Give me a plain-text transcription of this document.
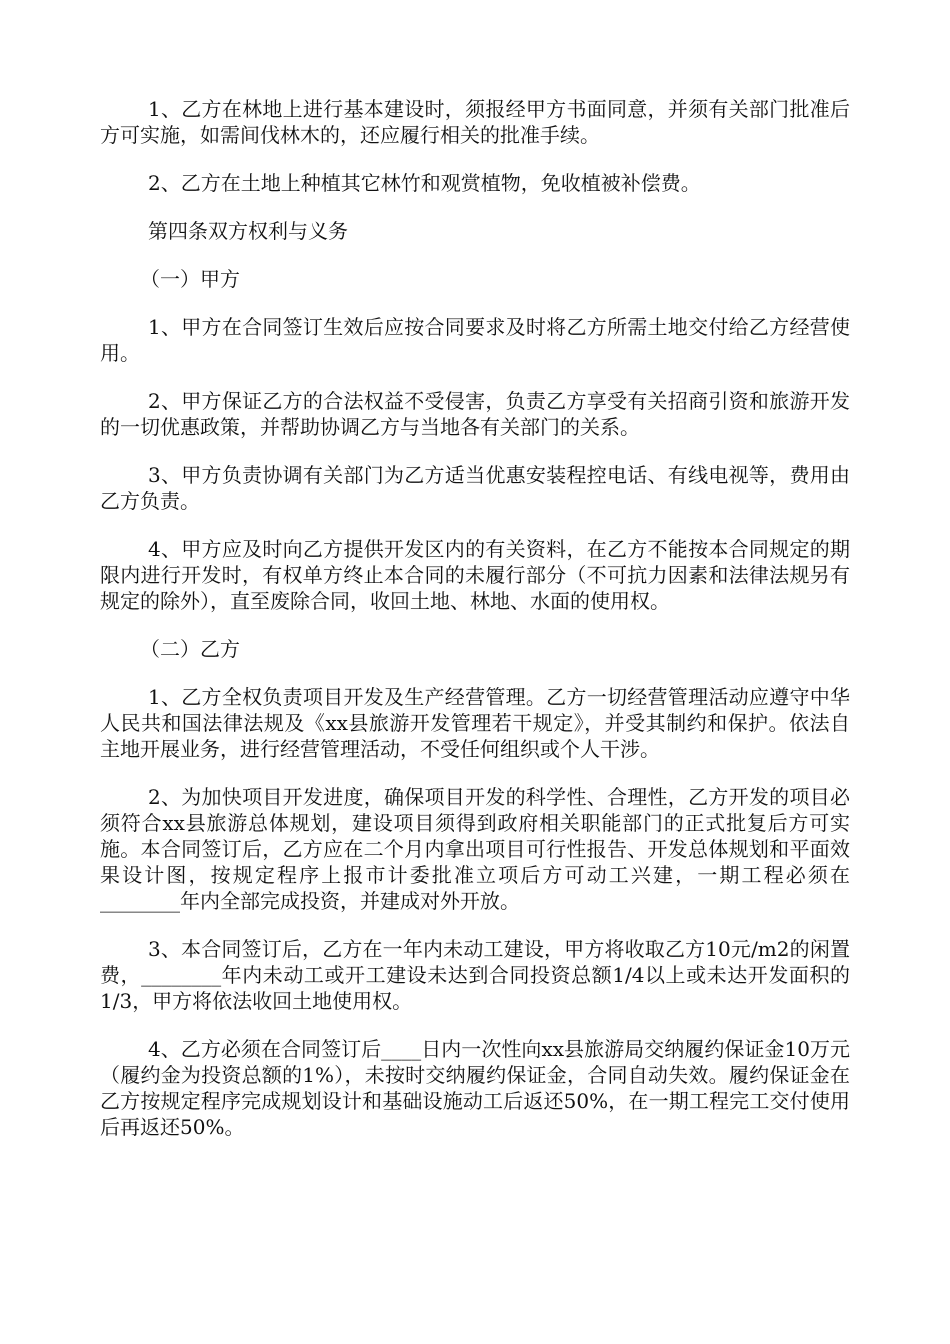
1、乙方在林地上进行基本建设时，须报经甲方书面同意，并须有关部门批准后方可实施，如需间伐林木的，还应履行相关的批准手续。

2、乙方在土地上种植其它林竹和观赏植物，免收植被补偿费。

第四条双方权利与义务

（一）甲方

1、甲方在合同签订生效后应按合同要求及时将乙方所需土地交付给乙方经营使用。

2、甲方保证乙方的合法权益不受侵害，负责乙方享受有关招商引资和旅游开发的一切优惠政策，并帮助协调乙方与当地各有关部门的关系。

3、甲方负责协调有关部门为乙方适当优惠安装程控电话、有线电视等，费用由乙方负责。

4、甲方应及时向乙方提供开发区内的有关资料，在乙方不能按本合同规定的期限内进行开发时，有权单方终止本合同的未履行部分（不可抗力因素和法律法规另有规定的除外），直至废除合同，收回土地、林地、水面的使用权。

（二）乙方

1、乙方全权负责项目开发及生产经营管理。乙方一切经营管理活动应遵守中华人民共和国法律法规及《xx县旅游开发管理若干规定》，并受其制约和保护。依法自主地开展业务，进行经营管理活动，不受任何组织或个人干涉。

2、为加快项目开发进度，确保项目开发的科学性、合理性，乙方开发的项目必须符合xx县旅游总体规划，建设项目须得到政府相关职能部门的正式批复后方可实施。本合同签订后，乙方应在二个月内拿出项目可行性报告、开发总体规划和平面效果设计图，按规定程序上报市计委批准立项后方可动工兴建，一期工程必须在________年内全部完成投资，并建成对外开放。

3、本合同签订后，乙方在一年内未动工建设，甲方将收取乙方10元/m2的闲置费，________年内未动工或开工建设未达到合同投资总额1/4以上或未达开发面积的1/3，甲方将依法收回土地使用权。

4、乙方必须在合同签订后____日内一次性向xx县旅游局交纳履约保证金10万元（履约金为投资总额的1%），未按时交纳履约保证金，合同自动失效。履约保证金在乙方按规定程序完成规划设计和基础设施动工后返还50%，在一期工程完工交付使用后再返还50%。
